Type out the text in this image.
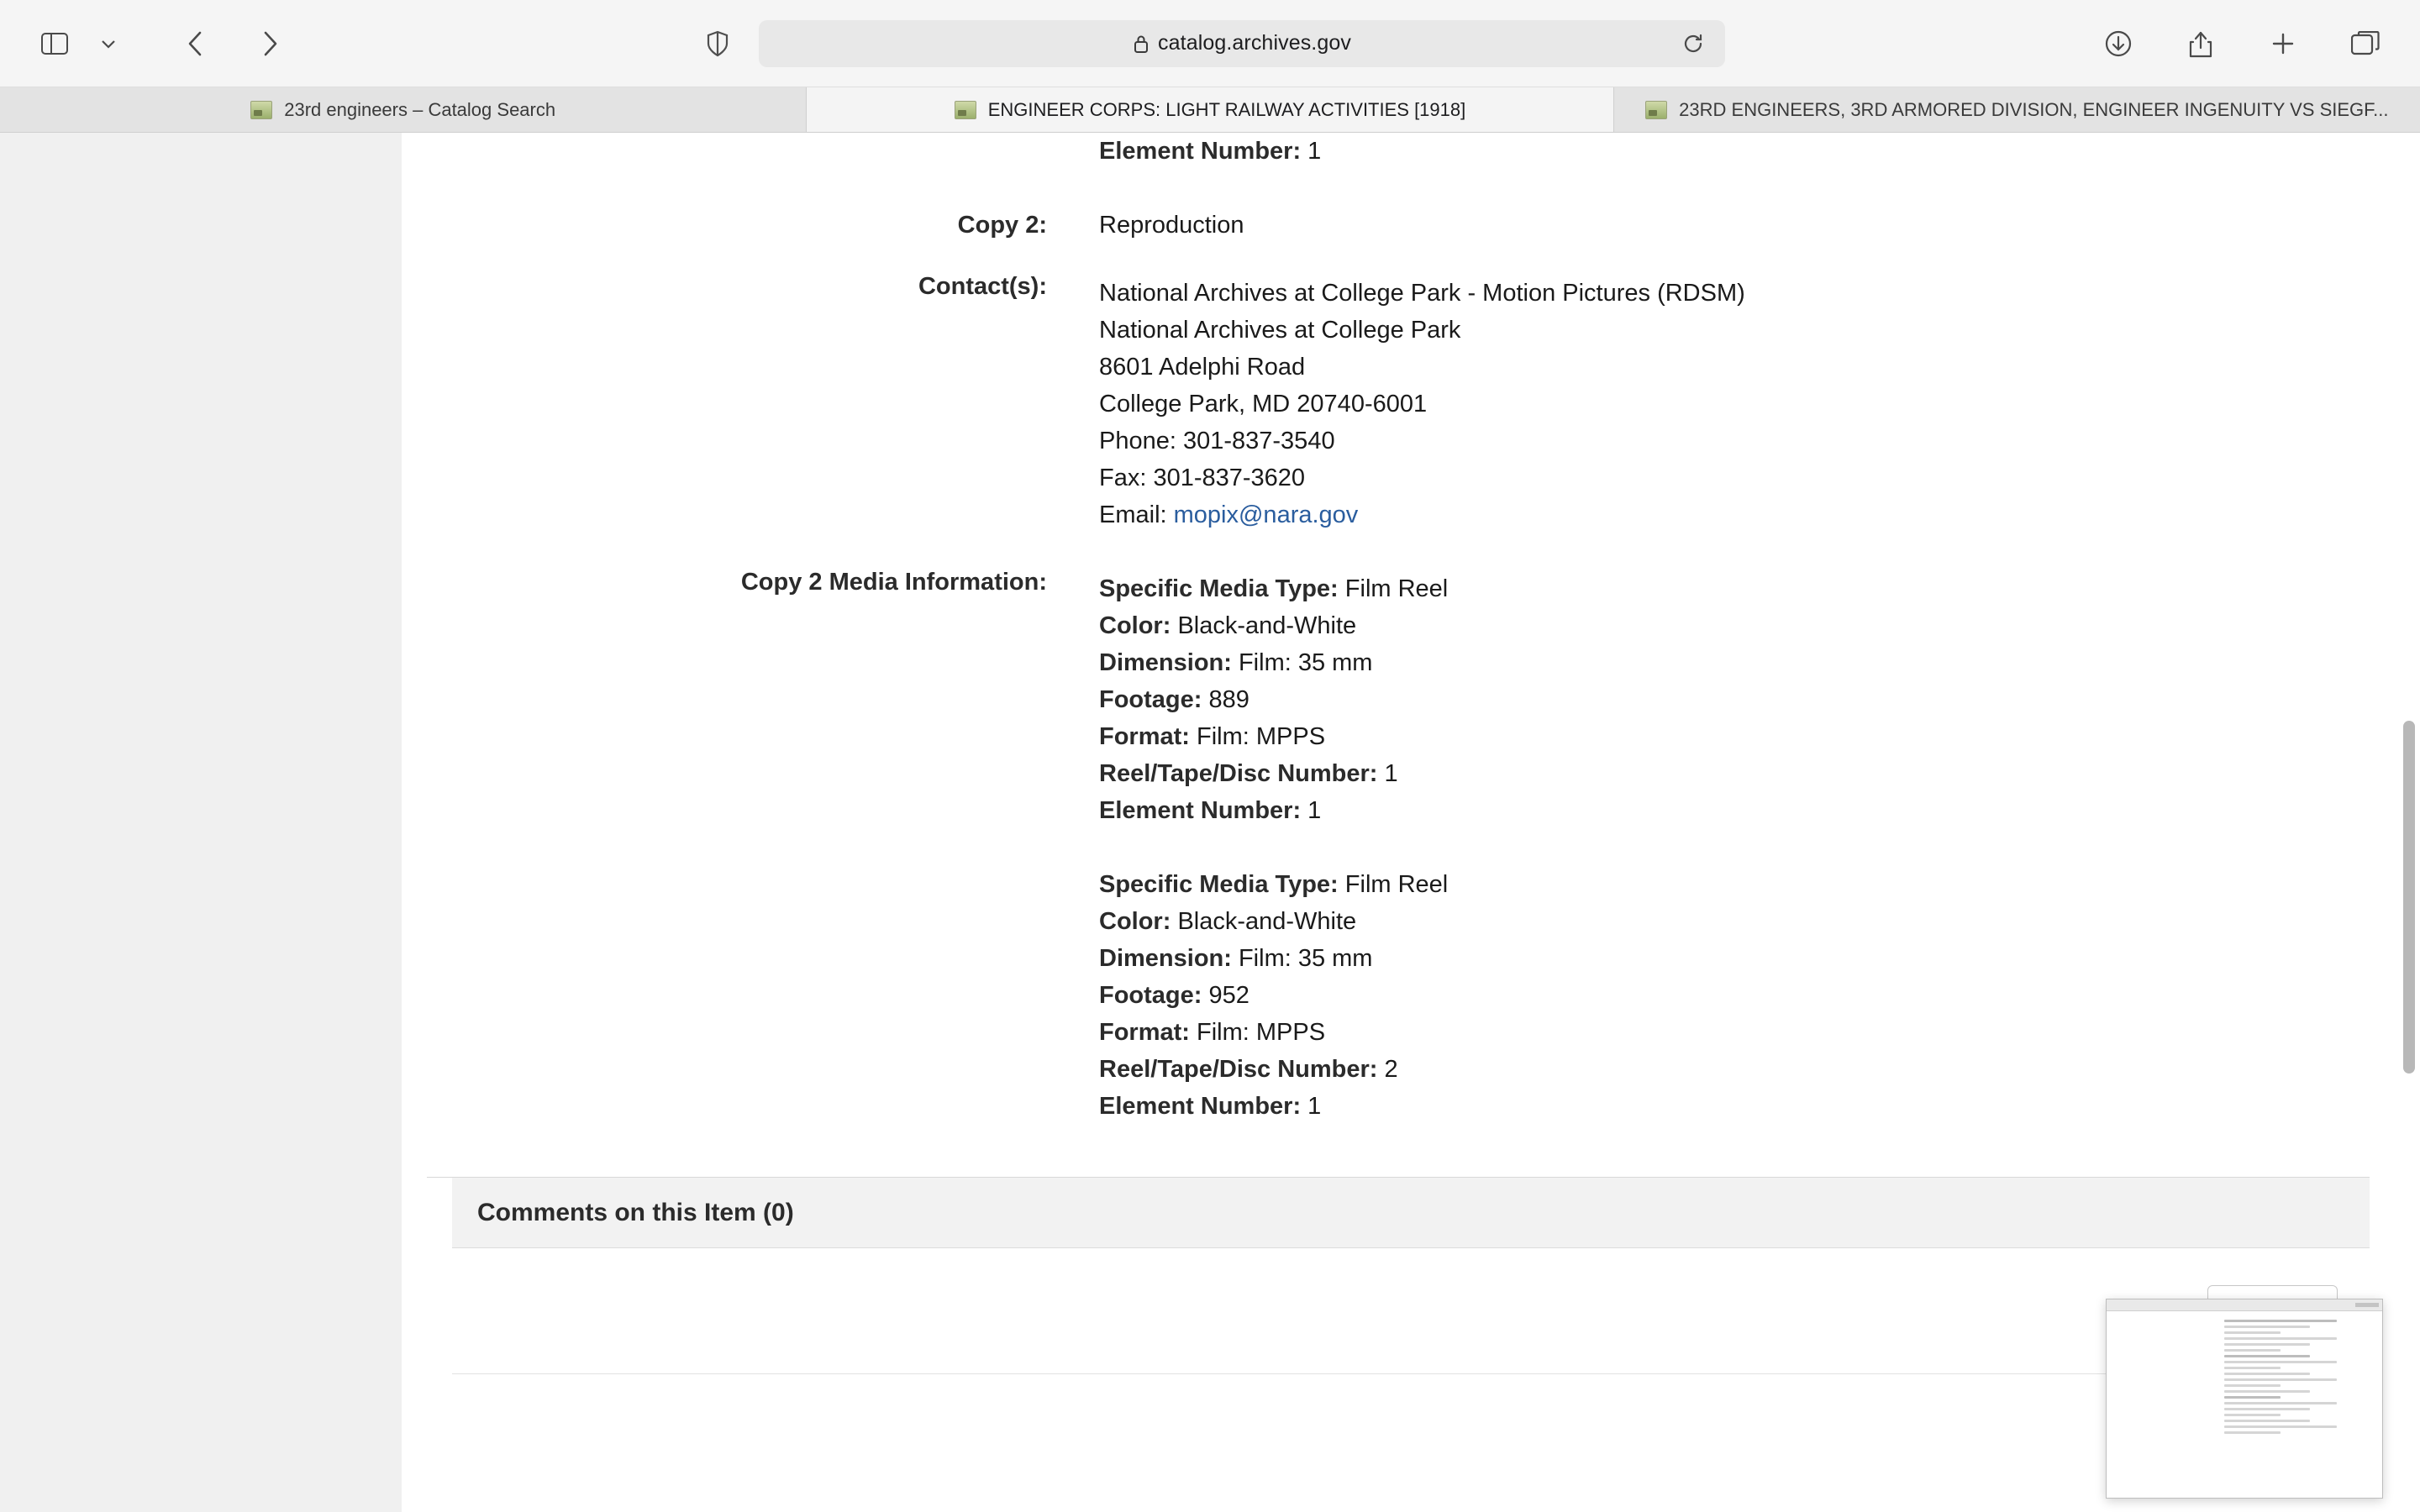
catalog.archives.gov
23rd engineers – Catalog Search	ENGINEER CORPS: LIGHT RAILWAY ACTIVITIES [1918]	23RD ENGINEERS, 3RD ARMORED DIVISION, ENGINEER INGENUITY VS SIEGF...

Element Number: 1
Copy 2:	Reproduction
Contact(s):	National Archives at College Park - Motion Pictures (RDSM)
National Archives at College Park
8601 Adelphi Road
College Park, MD 20740-6001
Phone: 301-837-3540
Fax: 301-837-3620
Email: mopix@nara.gov
Copy 2 Media Information:	Specific Media Type: Film Reel
Color: Black-and-White
Dimension: Film: 35 mm
Footage: 889
Format: Film: MPPS
Reel/Tape/Disc Number: 1
Element Number: 1
Specific Media Type: Film Reel
Color: Black-and-White
Dimension: Film: 35 mm
Footage: 952
Format: Film: MPPS
Reel/Tape/Disc Number: 2
Element Number: 1
Comments on this Item (0)
